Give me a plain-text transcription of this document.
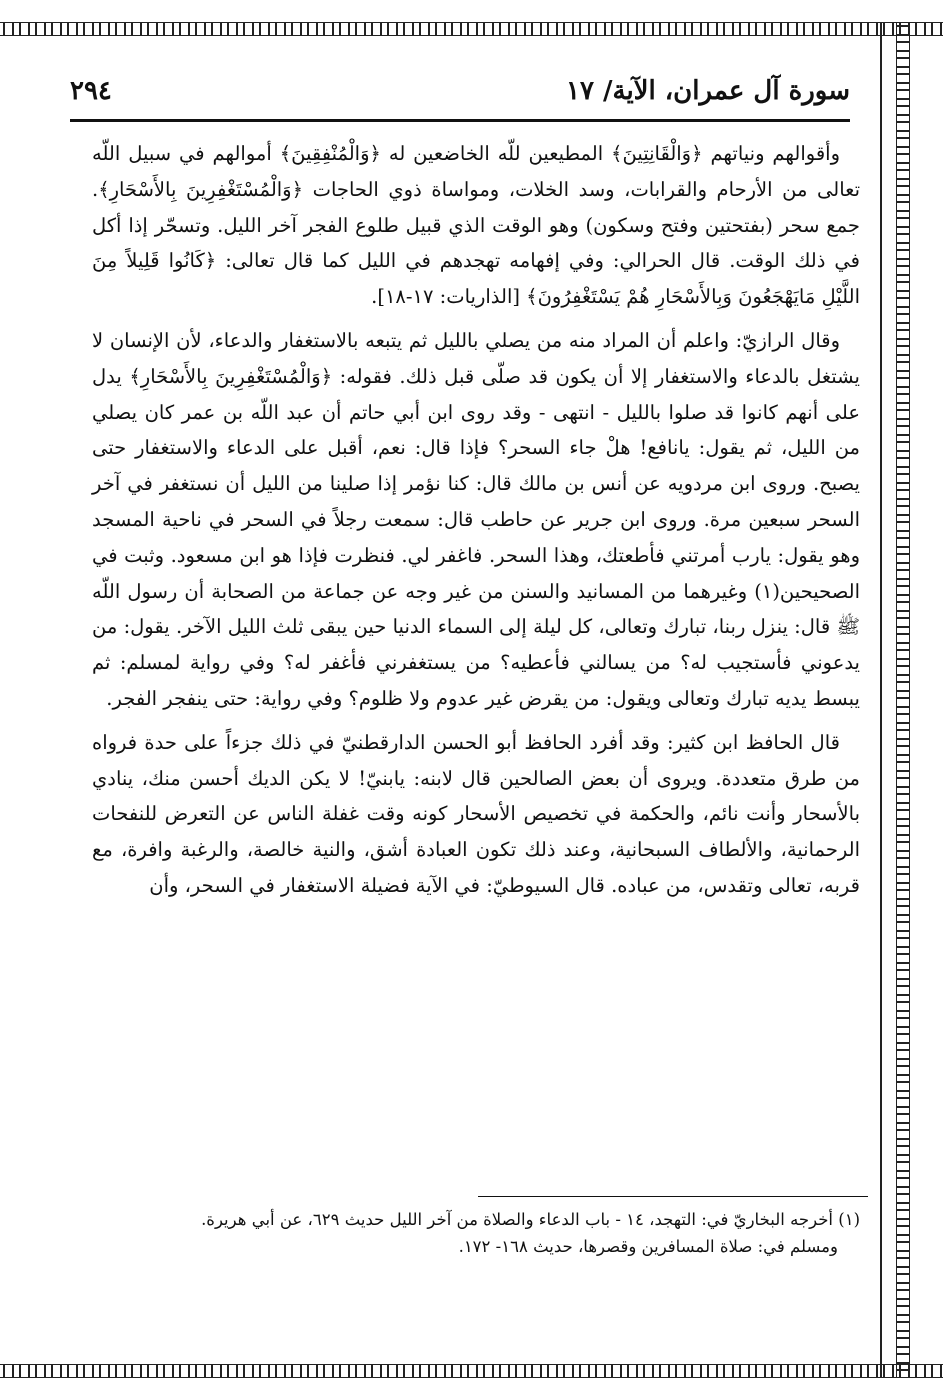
سورة آل عمران، الآية/ ١٧
٢٩٤

وأقوالهم ونياتهم ﴿وَالْقَانِتِينَ﴾ المطيعين للّه الخاضعين له ﴿وَالْمُنْفِقِينَ﴾ أموالهم في سبيل اللّه تعالى من الأرحام والقرابات، وسد الخلات، ومواساة ذوي الحاجات ﴿وَالْمُسْتَغْفِرِينَ بِالأَسْحَارِ﴾. جمع سحر (بفتحتين وفتح وسكون) وهو الوقت الذي قبيل طلوع الفجر آخر الليل. وتسحّر إذا أكل في ذلك الوقت. قال الحرالي: وفي إفهامه تهجدهم في الليل كما قال تعالى: ﴿كَانُوا قَلِيلاً مِنَ اللَّيْلِ مَايَهْجَعُونَ وَبِالأَسْحَارِ هُمْ يَسْتَغْفِرُونَ﴾ [الذاريات: ١٧-١٨].

وقال الرازيّ: واعلم أن المراد منه من يصلي بالليل ثم يتبعه بالاستغفار والدعاء، لأن الإنسان لا يشتغل بالدعاء والاستغفار إلا أن يكون قد صلّى قبل ذلك. فقوله: ﴿وَالْمُسْتَغْفِرِينَ بِالأَسْحَارِ﴾ يدل على أنهم كانوا قد صلوا بالليل - انتهى - وقد روى ابن أبي حاتم أن عبد اللّه بن عمر كان يصلي من الليل، ثم يقول: يانافع! هلْ جاء السحر؟ فإذا قال: نعم، أقبل على الدعاء والاستغفار حتى يصبح. وروى ابن مردويه عن أنس بن مالك قال: كنا نؤمر إذا صلينا من الليل أن نستغفر في آخر السحر سبعين مرة. وروى ابن جرير عن حاطب قال: سمعت رجلاً في السحر في ناحية المسجد وهو يقول: يارب أمرتني فأطعتك، وهذا السحر. فاغفر لي. فنظرت فإذا هو ابن مسعود. وثبت في الصحيحين(١) وغيرهما من المسانيد والسنن من غير وجه عن جماعة من الصحابة أن رسول اللّه ﷺ قال: ينزل ربنا، تبارك وتعالى، كل ليلة إلى السماء الدنيا حين يبقى ثلث الليل الآخر. يقول: من يدعوني فأستجيب له؟ من يسالني فأعطيه؟ من يستغفرني فأغفر له؟ وفي رواية لمسلم: ثم يبسط يديه تبارك وتعالى ويقول: من يقرض غير عدوم ولا ظلوم؟ وفي رواية: حتى ينفجر الفجر.

قال الحافظ ابن كثير: وقد أفرد الحافظ أبو الحسن الدارقطنيّ في ذلك جزءاً على حدة فرواه من طرق متعددة. ويروى أن بعض الصالحين قال لابنه: يابنيّ! لا يكن الديك أحسن منك، ينادي بالأسحار وأنت نائم، والحكمة في تخصيص الأسحار كونه وقت غفلة الناس عن التعرض للنفحات الرحمانية، والألطاف السبحانية، وعند ذلك تكون العبادة أشق، والنية خالصة، والرغبة وافرة، مع قربه، تعالى وتقدس، من عباده. قال السيوطيّ: في الآية فضيلة الاستغفار في السحر، وأن

(١) أخرجه البخاريّ في: التهجد، ١٤ - باب الدعاء والصلاة من آخر الليل حديث ٦٢٩، عن أبي هريرة.
ومسلم في: صلاة المسافرين وقصرها، حديث ١٦٨- ١٧٢.
